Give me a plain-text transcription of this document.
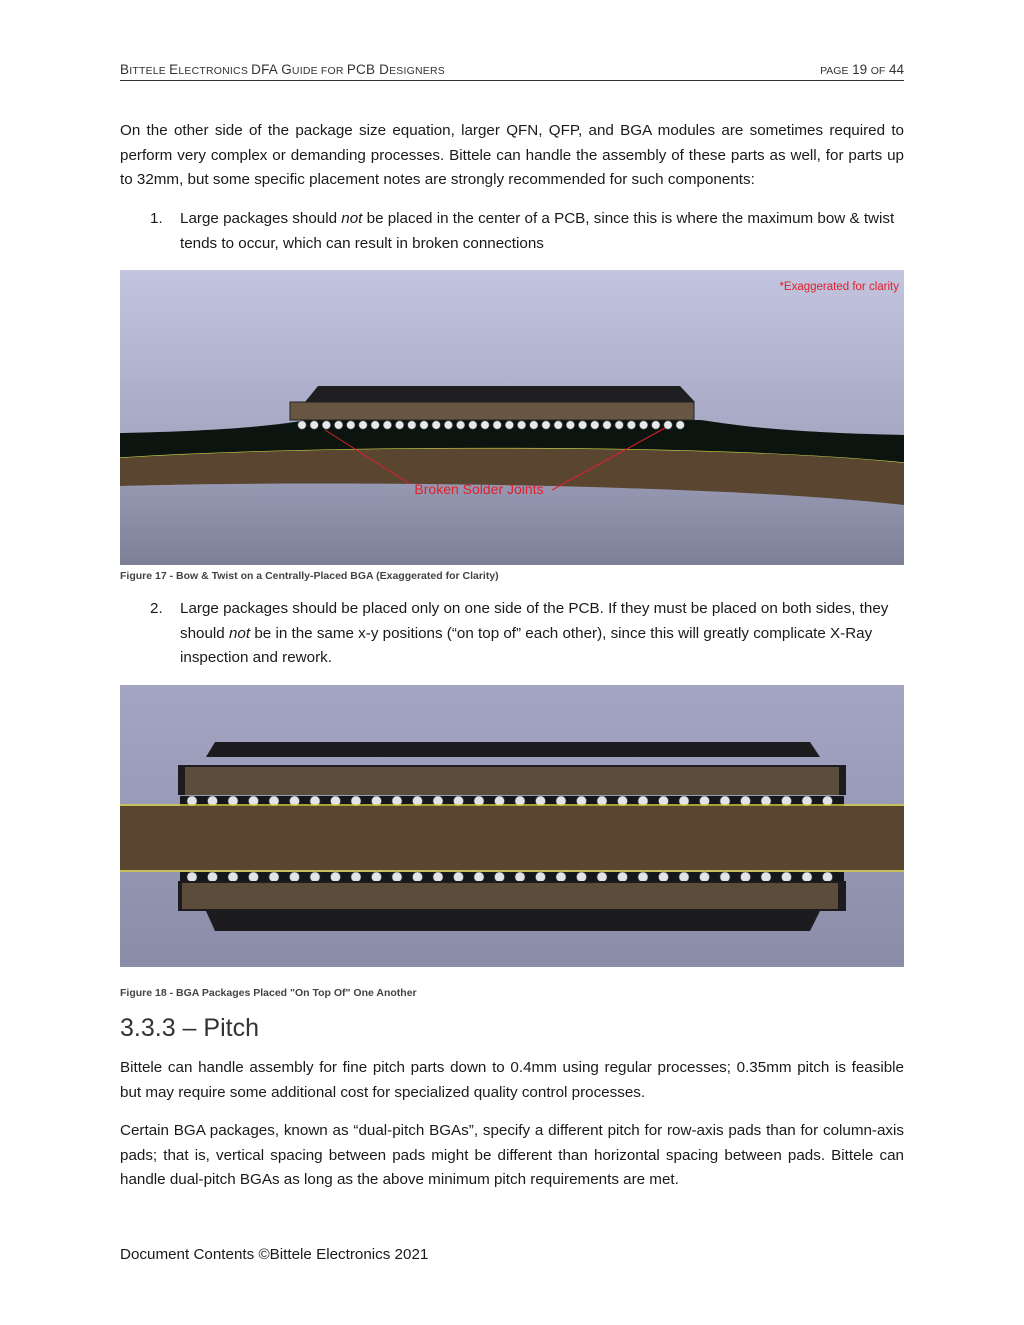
BITTELE ELECTRONICS DFA GUIDE FOR PCB DESIGNERS	PAGE 19 OF 44
On the other side of the package size equation, larger QFN, QFP, and BGA modules are sometimes required to perform very complex or demanding processes. Bittele can handle the assembly of these parts as well, for parts up to 32mm, but some specific placement notes are strongly recommended for such components:
1. Large packages should not be placed in the center of a PCB, since this is where the maximum bow & twist tends to occur, which can result in broken connections
Broken Solder Joints
*Exaggerated for clarity
Figure 17 - Bow & Twist on a Centrally-Placed BGA (Exaggerated for Clarity)
2. Large packages should be placed only on one side of the PCB. If they must be placed on both sides, they should not be in the same x-y positions (“on top of” each other), since this will greatly complicate X-Ray inspection and rework.
Figure 18 - BGA Packages Placed "On Top Of" One Another
3.3.3 – Pitch
Bittele can handle assembly for fine pitch parts down to 0.4mm using regular processes; 0.35mm pitch is feasible but may require some additional cost for specialized quality control processes.
Certain BGA packages, known as “dual-pitch BGAs”, specify a different pitch for row-axis pads than for column-axis pads; that is, vertical spacing between pads might be different than horizontal spacing between pads. Bittele can handle dual-pitch BGAs as long as the above minimum pitch requirements are met.
Document Contents ©Bittele Electronics 2021
